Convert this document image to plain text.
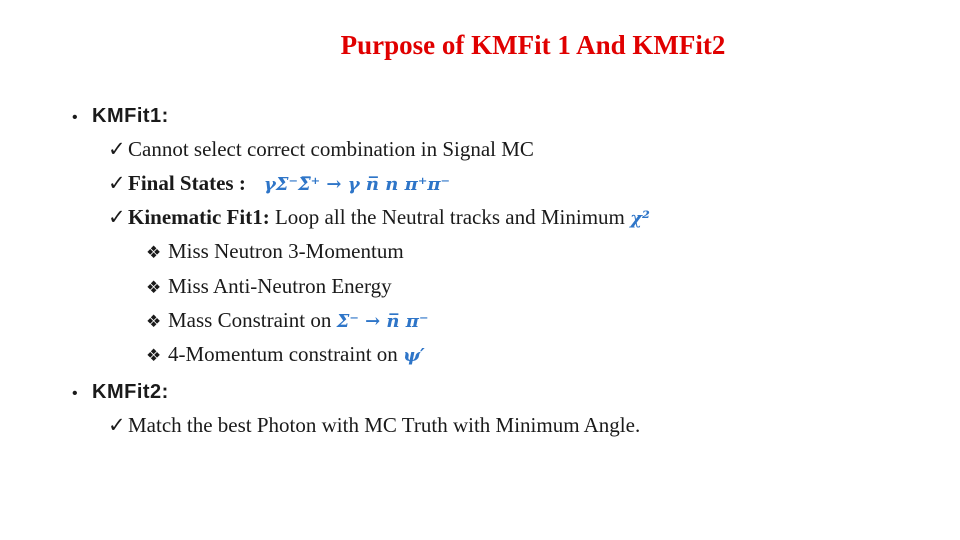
Purpose of KMFit 1 And KMFit2
• KMFit1:
✓ Cannot select correct combination in Signal MC
✓ Final States : γΣ⁻Σ̅⁺ → γ n̅ n π⁺π⁻
✓ Kinematic Fit1: Loop all the Neutral tracks and Minimum χ²
❖ Miss Neutron 3-Momentum
❖ Miss Anti-Neutron Energy
❖ Mass Constraint on Σ⁻ → n̅ π⁻
❖ 4-Momentum constraint on ψ′
• KMFit2:
✓ Match the best Photon with MC Truth with Minimum Angle.
